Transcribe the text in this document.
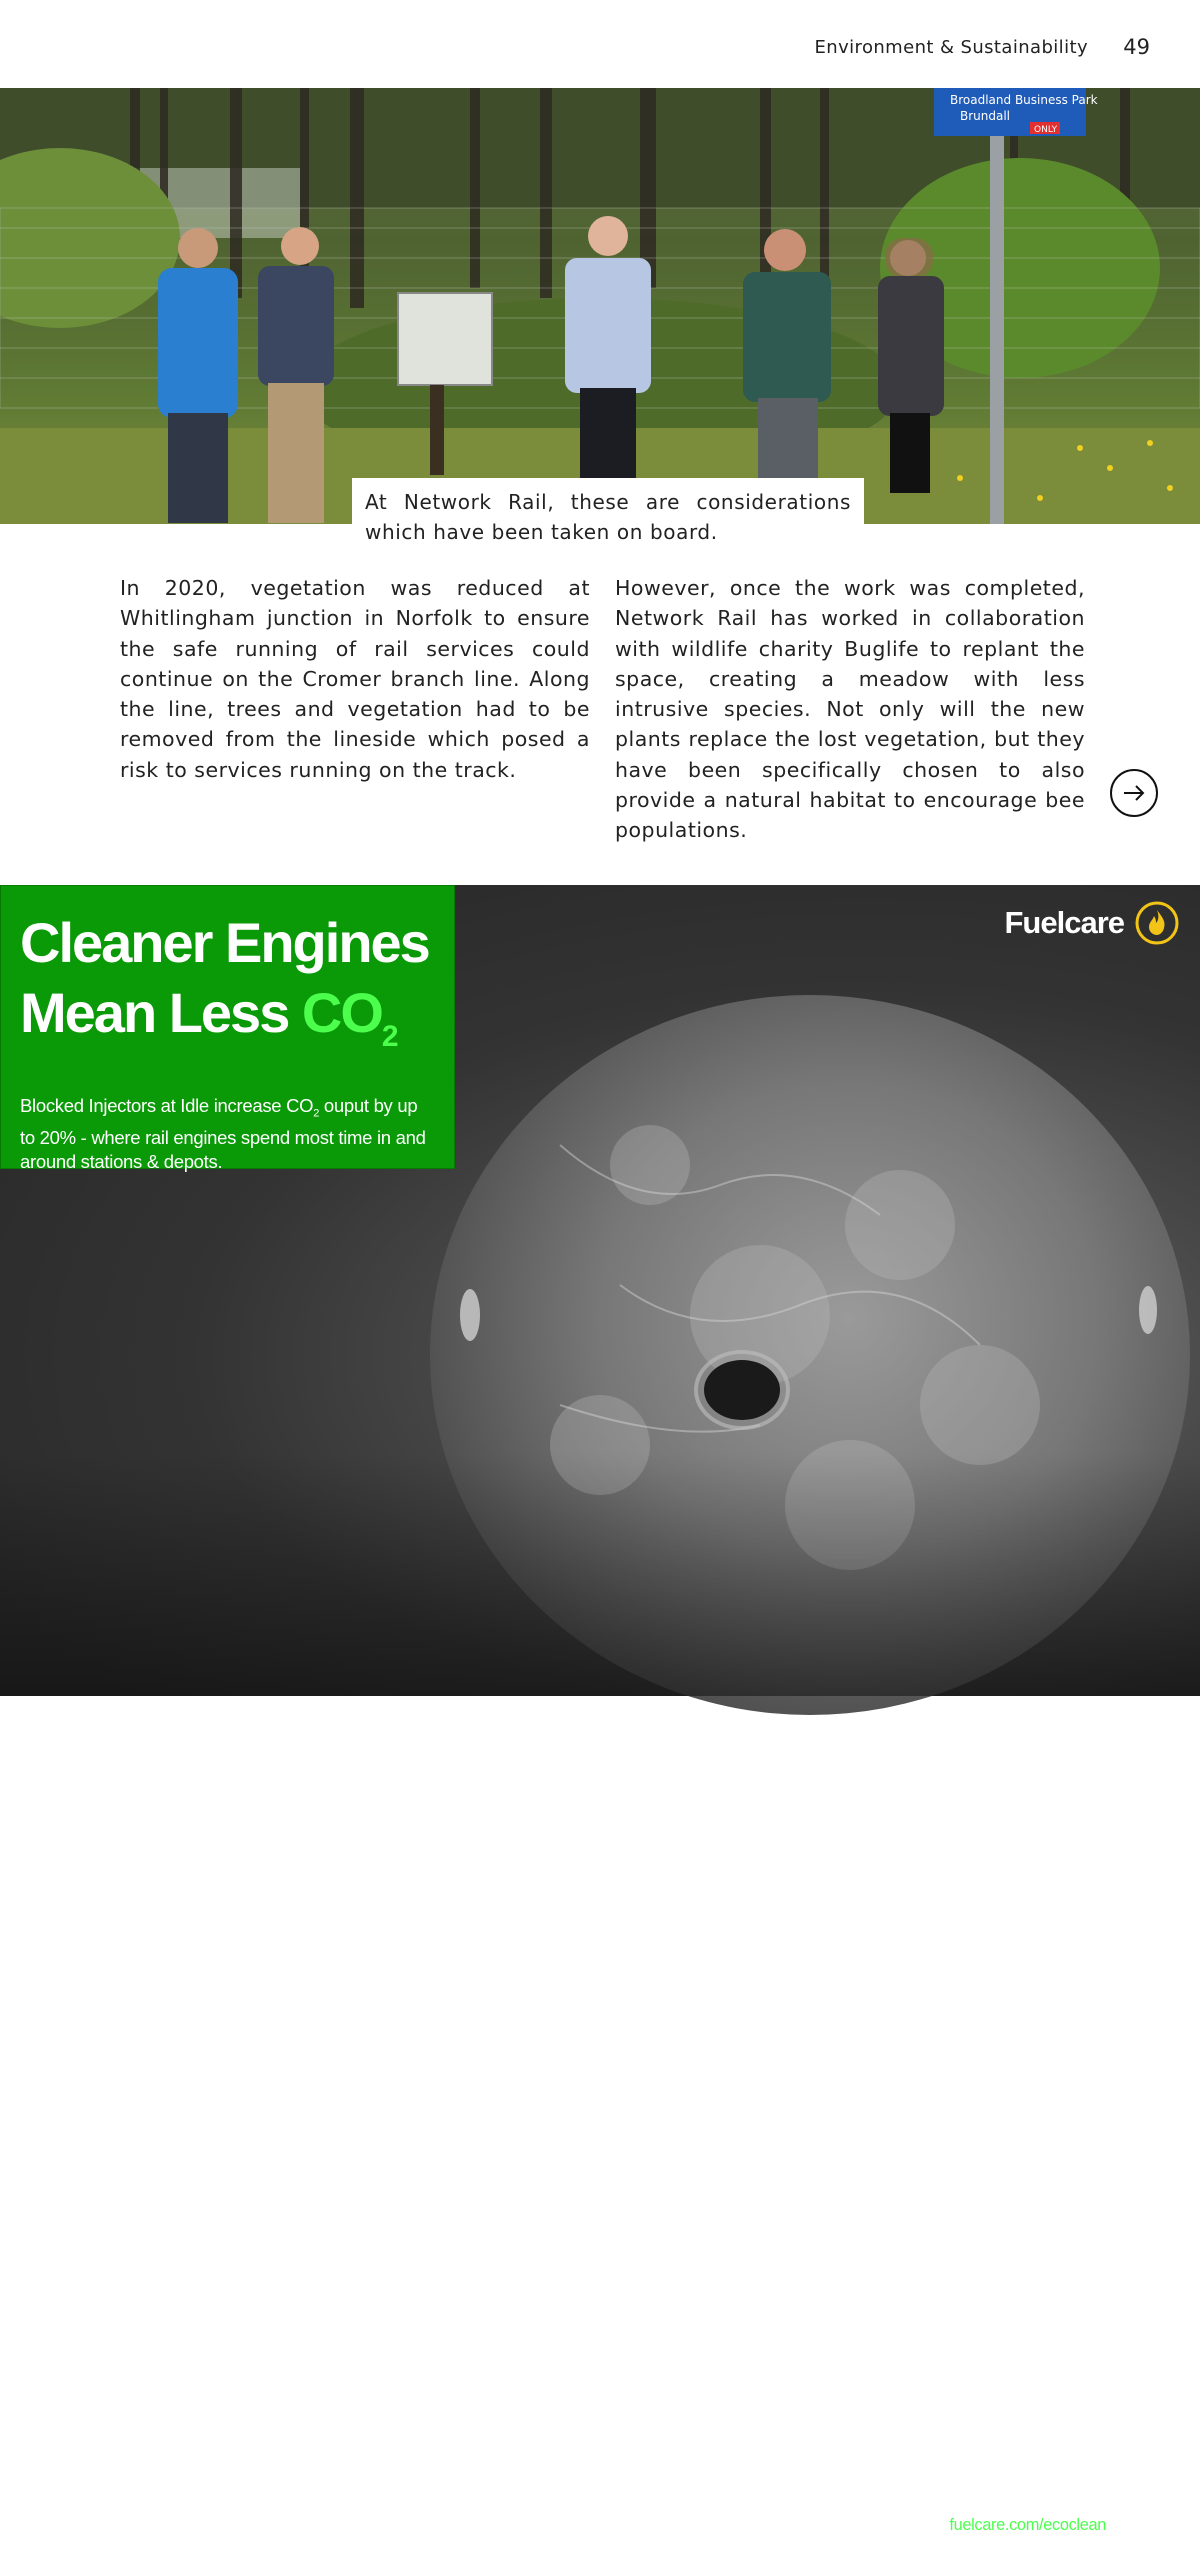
Environment & Sustainability 49
Broadland Business Park
Brundall
ONLY
At Network Rail, these are considerations which have been taken on board.

In 2020, vegetation was reduced at Whitlingham junction in Norfolk to ensure the safe running of rail services could continue on the Cromer branch line. Along the line, trees and vegetation had to be removed from the lineside which posed a risk to services running on the track.

However, once the work was completed, Network Rail has worked in collaboration with wildlife charity Buglife to replant the space, creating a meadow with less intrusive species. Not only will the new plants replace the lost vegetation, but they have been specifically chosen to also provide a natural habitat to encourage bee populations.

Cleaner Engines
Mean Less $CO_2$
Blocked Injectors at Idle increase $CO_2$ ouput by up to 20% - where rail engines spend most time in and around stations & depots.
EcoClean™ HSDI is a fuel additive detergent in widespread automotive diesel use. With free, ‘fit & forget’ dosing technology from Fuelcare, EcoClean™ HSDI can now be applied to passenger & freight diesel rail fleets to support decarbonisation, save up to 3.5% on your fuel costs and provide cleaner air for Stations, Depots & Communities. EcoClean™ HSDI is used by a wide range of U.K. rail fleets including roll out to Scotland’s Railway in 2021. Visit fuelcare.com/ecoclean for more information. * 20.62% MTU183TD ISO8178 Cycle F at Idle SOT vs. 200 hours running with EcoClean™ HSDI.
Fuelcare
